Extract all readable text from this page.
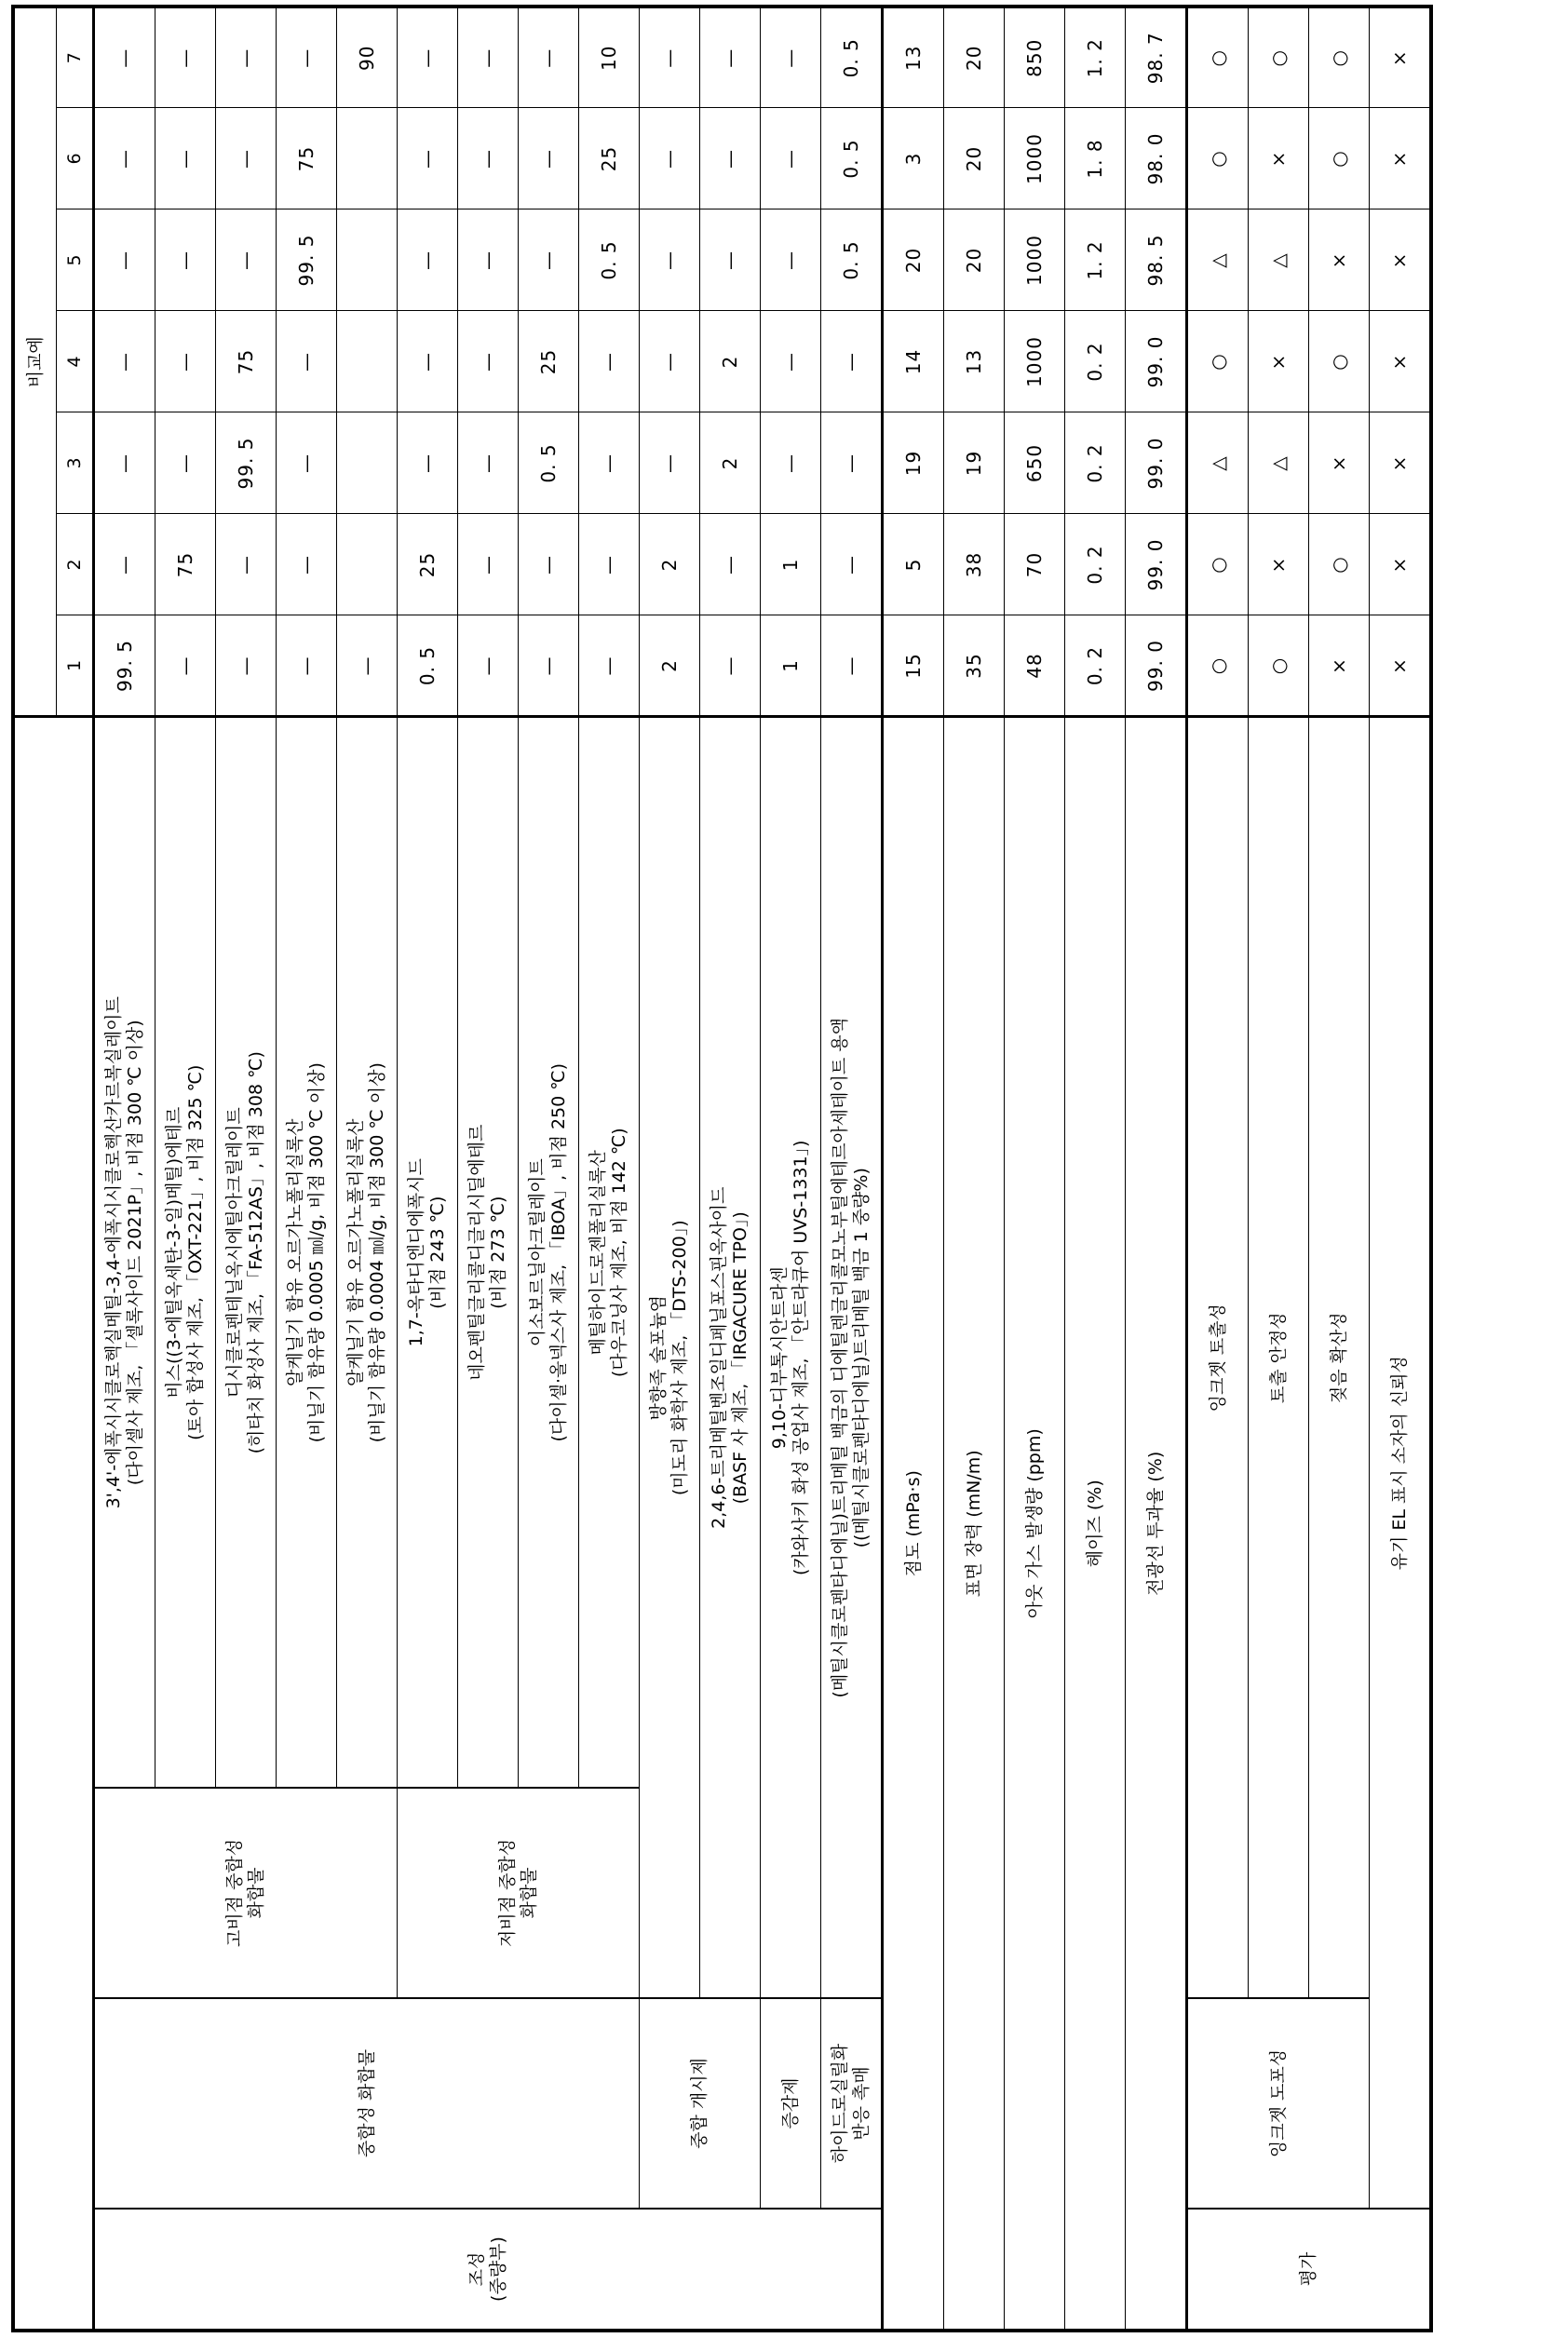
	비교예
1	2	3	4	5	6	7
조성
(중량부)	중합성 화합물	고비점 중합성
화합물	3',4'-에폭시시클로헥실메틸-3,4-에폭시시클로헥산카르복실레이트
(다이셀사 제조, 「셀록사이드 2021P」, 비점 300 ℃ 이상)	99. 5	—	—	—	—	—	—
비스((3-에틸옥세탄-3-일)메틸)에테르
(토아 합성사 제조, 「OXT-221」, 비점 325 ℃)	—	75	—	—	—	—	—
디시클로펜테닐옥시에틸아크릴레이트
(히타치 화성사 제조, 「FA-512AS」, 비점 308 ℃)	—	—	99. 5	75	—	—	—
알케닐기 함유 오르가노폴리실록산
(비닐기 함유량 0.0005 ㏖/g, 비점 300 ℃ 이상)	—	—	—	—	99. 5	75	—
알케닐기 함유 오르가노폴리실록산
(비닐기 함유량 0.0004 ㏖/g, 비점 300 ℃ 이상)	—						90
저비점 중합성
화합물	1,7-옥타디엔디에폭시드
(비점 243 ℃)	0. 5	25	—	—	—	—	—
네오펜틸글리콜디글리시딜에테르
(비점 273 ℃)	—	—	—	—	—	—	—
이소보르닐아크릴레이트
(다이셀·올넥스사 제조, 「IBOA」, 비점 250 ℃)	—	—	0. 5	25	—	—	—
메틸하이드로젠폴리실록산
(다우코닝사 제조, 비점 142 ℃)	—	—	—	—	0. 5	25	10
중합 개시제	방향족 술포늄염
(미도리 화학사 제조, 「DTS-200」)	2	2	—	—	—	—	—
2,4,6-트리메틸벤조일디페닐포스핀옥사이드
(BASF 사 제조, 「IRGACURE TPO」)	—	—	2	2	—	—	—
증감제	9,10-디부톡시안트라센
(카와사키 화성 공업사 제조, 「안트라큐어 UVS-1331」)	1	1	—	—	—	—	—
하이드로실릴화
반응 촉매	(메틸시클로펜타디에닐)트리메틸 백금의 디에틸렌글리콜모노부틸에테르아세테이트 용액
((메틸시클로펜타디에닐)트리메틸 백금 1 중량%)	—	—	—	—	0. 5	0. 5	0. 5
점도 (mPa·s)	15	5	19	14	20	3	13
표면 장력 (mN/m)	35	38	19	13	20	20	20
아웃 가스 발생량 (ppm)	48	70	650	1000	1000	1000	850
헤이즈 (%)	0. 2	0. 2	0. 2	0. 2	1. 2	1. 8	1. 2
전광선 투과율 (%)	99. 0	99. 0	99. 0	99. 0	98. 5	98. 0	98. 7
평가	잉크젯 도포성	잉크젯 토출성	○	○	△	○	△	○	○
토출 안정성	○	×	△	×	△	×	○
젖음 확산성	×	○	×	○	×	○	○
유기 EL 표시 소자의 신뢰성	×	×	×	×	×	×	×
